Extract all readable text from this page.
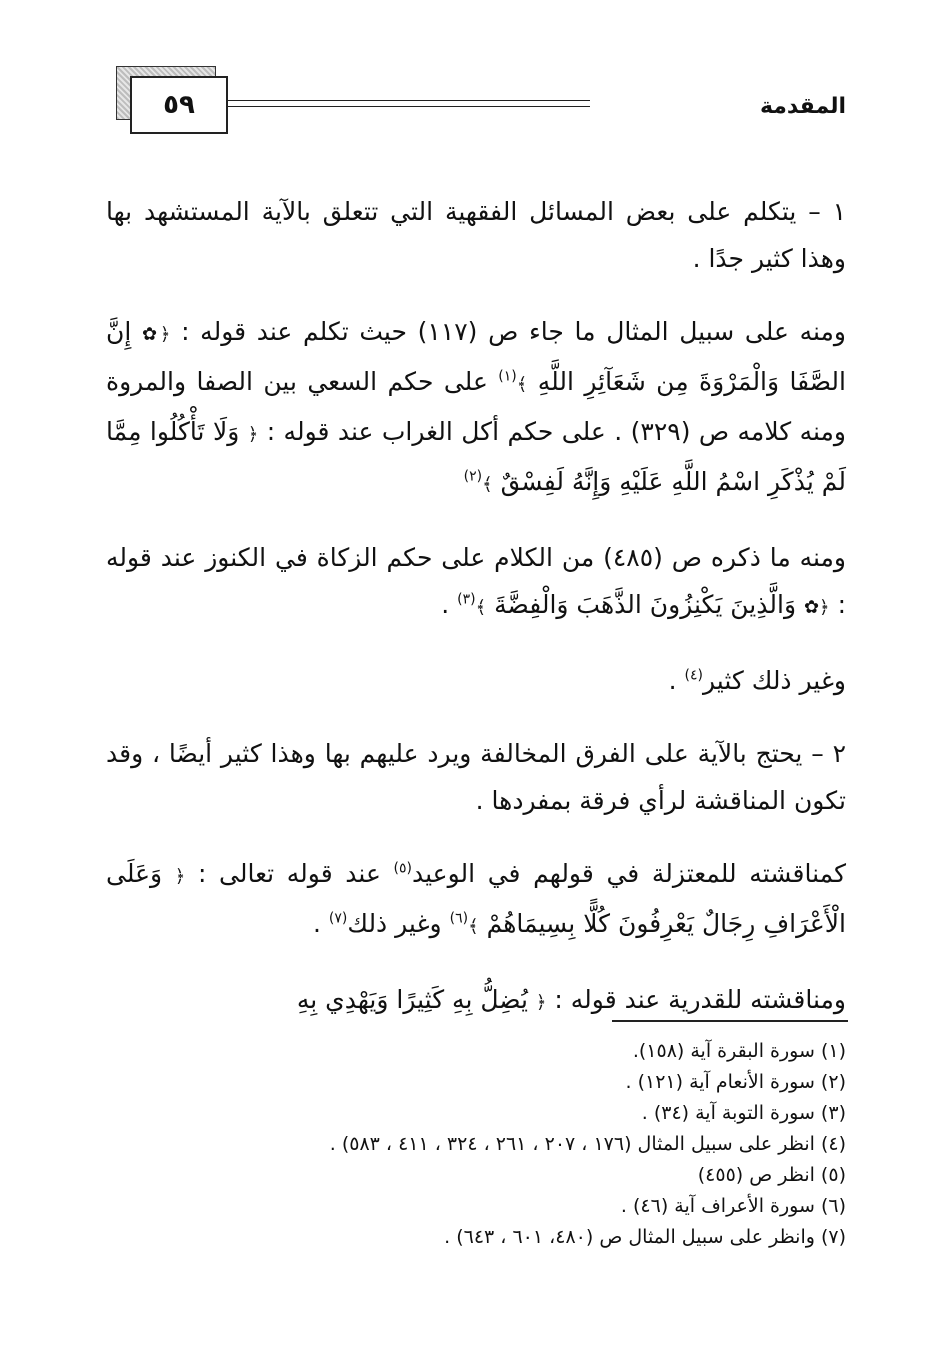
المقدمة
٥٩

١ – يتكلم على بعض المسائل الفقهية التي تتعلق بالآية المستشهد بها وهذا كثير جدًا .

ومنه على سبيل المثال ما جاء ص (١١٧) حيث تكلم عند قوله : ﴿✿ إِنَّ الصَّفَا وَالْمَرْوَةَ مِن شَعَآئِرِ اللَّهِ ﴾$^{(١)}$ على حكم السعي بين الصفا والمروة ومنه كلامه ص (٣٢٩) . على حكم أكل الغراب عند قوله : ﴿ وَلَا تَأْكُلُوا مِمَّا لَمْ يُذْكَرِ اسْمُ اللَّهِ عَلَيْهِ وَإِنَّهُ لَفِسْقٌ ﴾$^{(٢)}$

ومنه ما ذكره ص (٤٨٥) من الكلام على حكم الزكاة في الكنوز عند قوله : ﴿✿ وَالَّذِينَ يَكْنِزُونَ الذَّهَبَ وَالْفِضَّةَ ﴾$^{(٣)}$ .

وغير ذلك كثير$^{(٤)}$ .

٢ – يحتج بالآية على الفرق المخالفة ويرد عليهم بها وهذا كثير أيضًا ، وقد تكون المناقشة لرأي فرقة بمفردها .

كمناقشته للمعتزلة في قولهم في الوعيد$^{(٥)}$ عند قوله تعالى : ﴿ وَعَلَى الْأَعْرَافِ رِجَالٌ يَعْرِفُونَ كُلًّا بِسِيمَاهُمْ ﴾$^{(٦)}$ وغير ذلك$^{(٧)}$ .

ومناقشته للقدرية عند قوله : ﴿ يُضِلُّ بِهِ كَثِيرًا وَيَهْدِي بِهِ

(١) سورة البقرة آية (١٥٨).
(٢) سورة الأنعام آية (١٢١) .
(٣) سورة التوبة آية (٣٤) .
(٤) انظر على سبيل المثال (١٧٦ ، ٢٠٧ ، ٢٦١ ، ٣٢٤ ، ٤١١ ، ٥٨٣) .
(٥) انظر ص (٤٥٥)
(٦) سورة الأعراف آية (٤٦) .
(٧) وانظر على سبيل المثال ص (٤٨٠، ٦٠١ ، ٦٤٣) .
